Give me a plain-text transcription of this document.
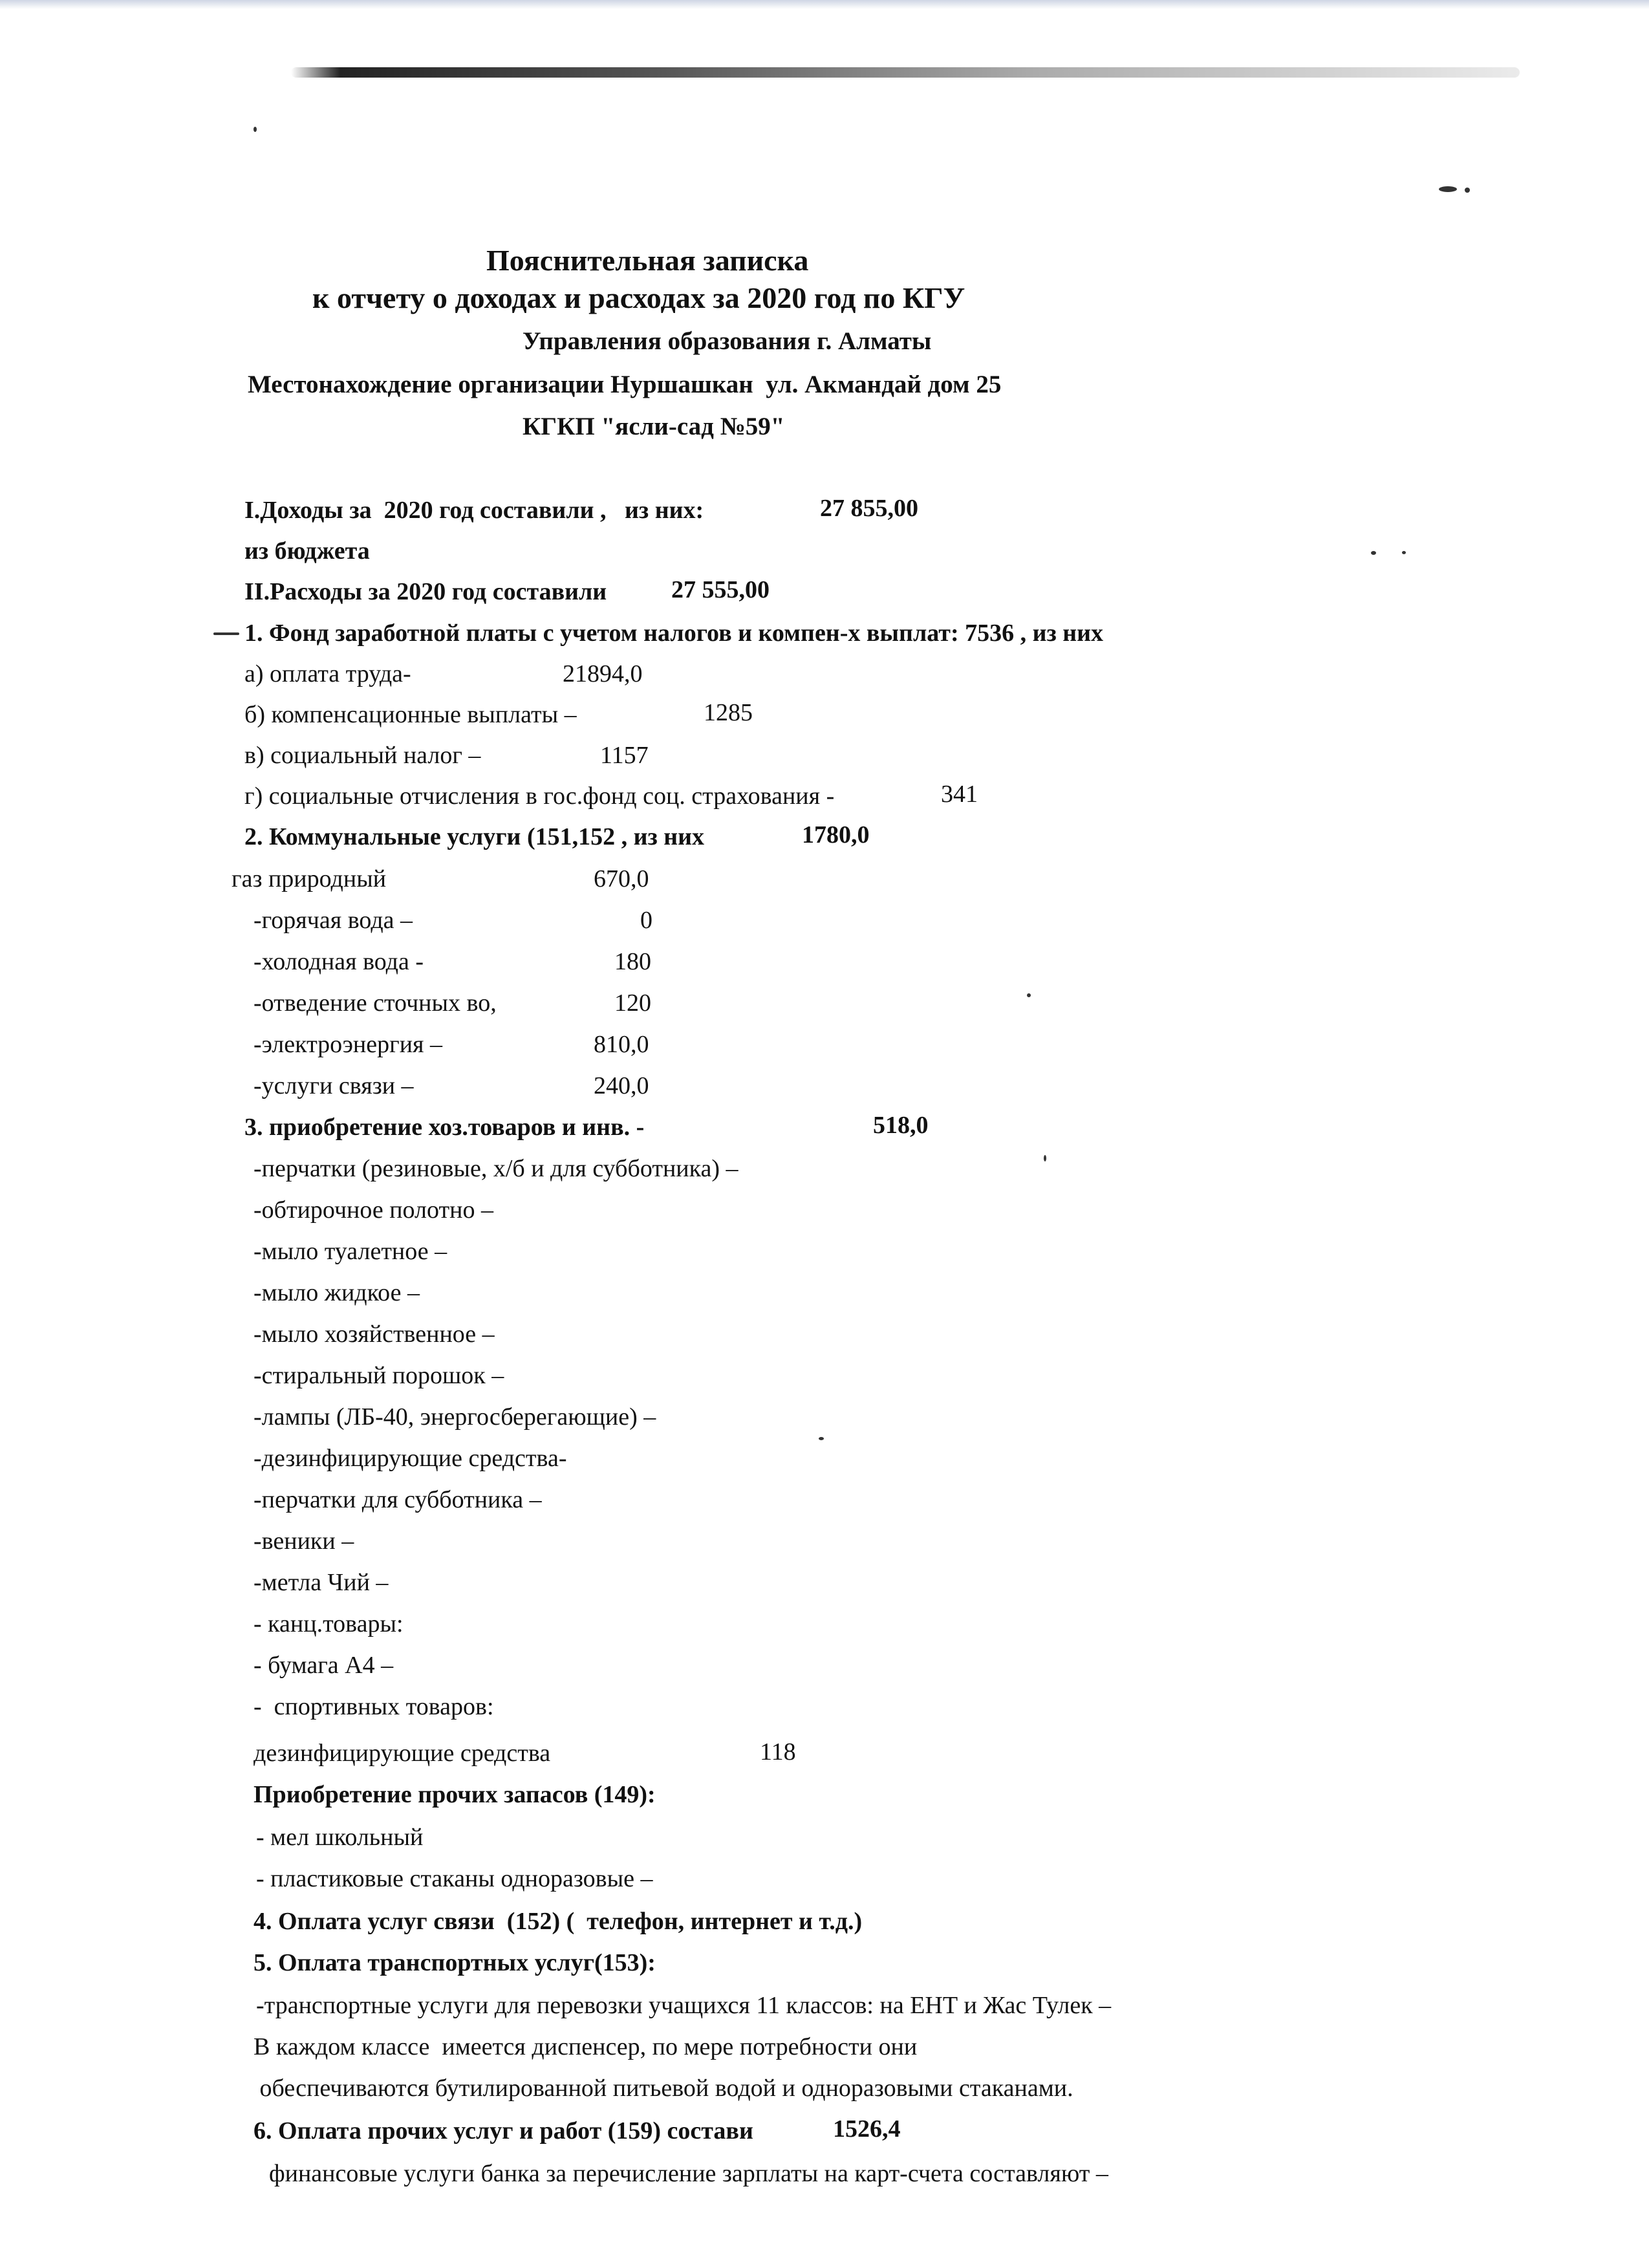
Пояснительная записка
к отчету о доходах и расходах за 2020 год по КГУ
Управления образования г. Алматы
Местонахождение организации Нуршашкан  ул. Акмандай дом 25
КГКП "ясли-сад №59"
I.Доходы за  2020 год составили ,   из них:	27 855,00
из бюджета
II.Расходы за 2020 год составили	27 555,00
1. Фонд заработной платы с учетом налогов и компен-х выплат: 7536 , из них
а) оплата труда-	21894,0
б) компенсационные выплаты –	1285
в) социальный налог –	1157
г) социальные отчисления в гос.фонд соц. страхования -	341
2. Коммунальные услуги (151,152 , из них	1780,0
газ природный	670,0
-горячая вода –	0
-холодная вода -	180
-отведение сточных во,	120
-электроэнергия –	810,0
-услуги связи –	240,0
3. приобретение хоз.товаров и инв. -	518,0
-перчатки (резиновые, х/б и для субботника) –
-обтирочное полотно –
-мыло туалетное –
-мыло жидкое –
-мыло хозяйственное –
-стиральный порошок –
-лампы (ЛБ-40, энергосберегающие) –
-дезинфицирующие средства-
-перчатки для субботника –
-веники –
-метла Чий –
- канц.товары:
- бумага А4 –
-  спортивных товаров:
дезинфицирующие средства	118
Приобретение прочих запасов (149):
- мел школьный
- пластиковые стаканы одноразовые –
4. Оплата услуг связи  (152) (  телефон, интернет и т.д.)
5. Оплата транспортных услуг(153):
-транспортные услуги для перевозки учащихся 11 классов: на ЕНТ и Жас Тулек –
В каждом классе  имеется диспенсер, по мере потребности они
обеспечиваются бутилированной питьевой водой и одноразовыми стаканами.
6. Оплата прочих услуг и работ (159) состави	1526,4
финансовые услуги банка за перечисление зарплаты на карт-счета составляют –
